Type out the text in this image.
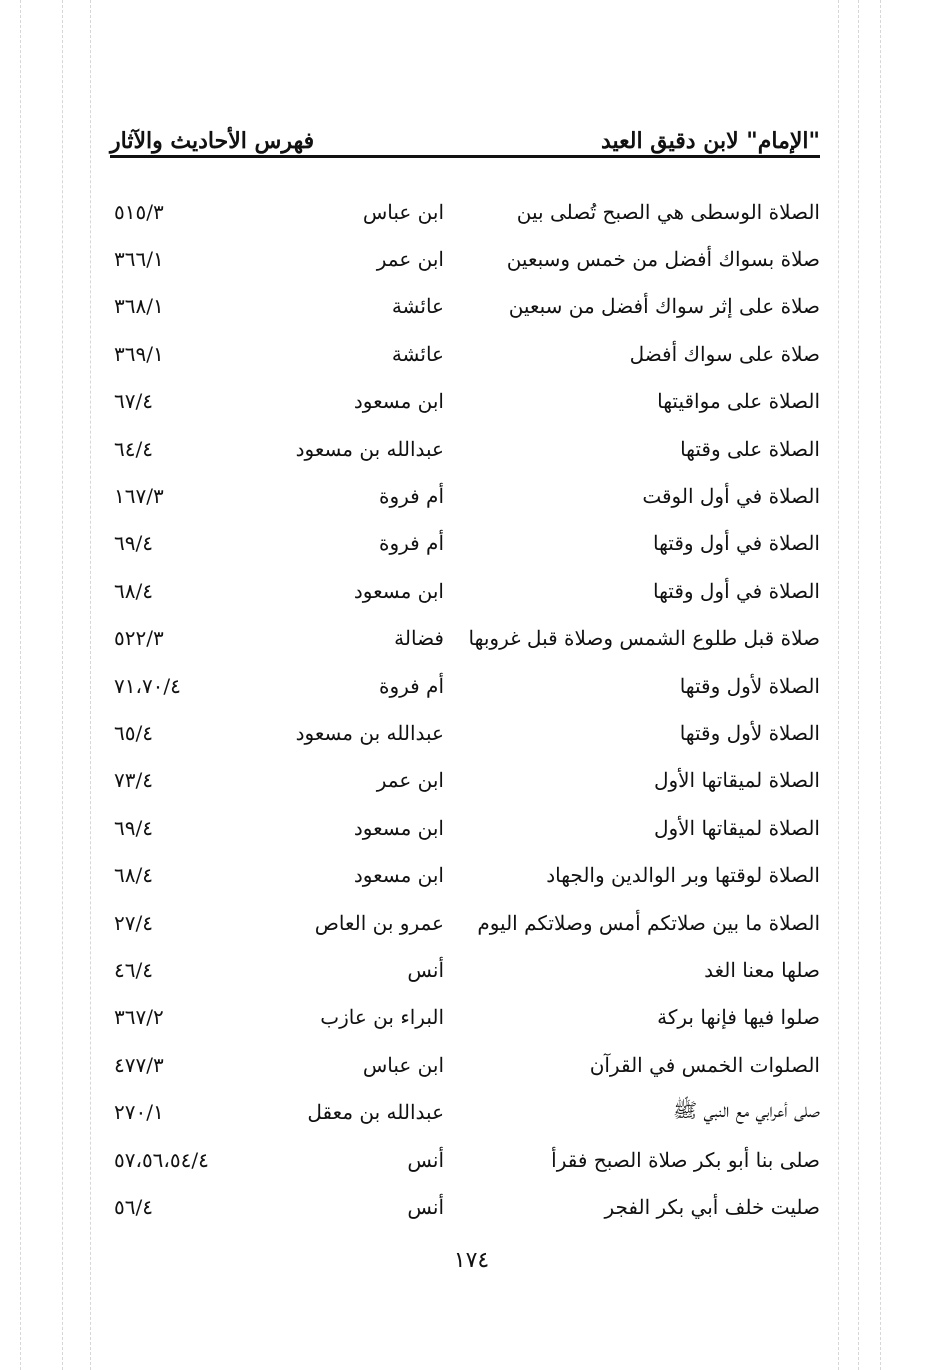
"الإمام" لابن دقيق العيد
فهرس الأحاديث والآثار
الصلاة الوسطى هي الصبح تُصلى بين
ابن عباس
٥١٥/٣
صلاة بسواك أفضل من خمس وسبعين
ابن عمر
٣٦٦/١
صلاة على إثر سواك أفضل من سبعين
عائشة
٣٦٨/١
صلاة على سواك أفضل
عائشة
٣٦٩/١
الصلاة على مواقيتها
ابن مسعود
٦٧/٤
الصلاة على وقتها
عبدالله بن مسعود
٦٤/٤
الصلاة في أول الوقت
أم فروة
١٦٧/٣
الصلاة في أول وقتها
أم فروة
٦٩/٤
الصلاة في أول وقتها
ابن مسعود
٦٨/٤
صلاة قبل طلوع الشمس وصلاة قبل غروبها
فضالة
٥٢٢/٣
الصلاة لأول وقتها
أم فروة
٧١،٧٠/٤
الصلاة لأول وقتها
عبدالله بن مسعود
٦٥/٤
الصلاة لميقاتها الأول
ابن عمر
٧٣/٤
الصلاة لميقاتها الأول
ابن مسعود
٦٩/٤
الصلاة لوقتها وبر الوالدين والجهاد
ابن مسعود
٦٨/٤
الصلاة ما بين صلاتكم أمس وصلاتكم اليوم
عمرو بن العاص
٢٧/٤
صلها معنا الغد
أنس
٤٦/٤
صلوا فيها فإنها بركة
البراء بن عازب
٣٦٧/٢
الصلوات الخمس في القرآن
ابن عباس
٤٧٧/٣
صلى أعرابي مع النبي ﷺ
عبدالله بن معقل
٢٧٠/١
صلى بنا أبو بكر صلاة الصبح فقرأ
أنس
٥٧،٥٦،٥٤/٤
صليت خلف أبي بكر الفجر
أنس
٥٦/٤
١٧٤
